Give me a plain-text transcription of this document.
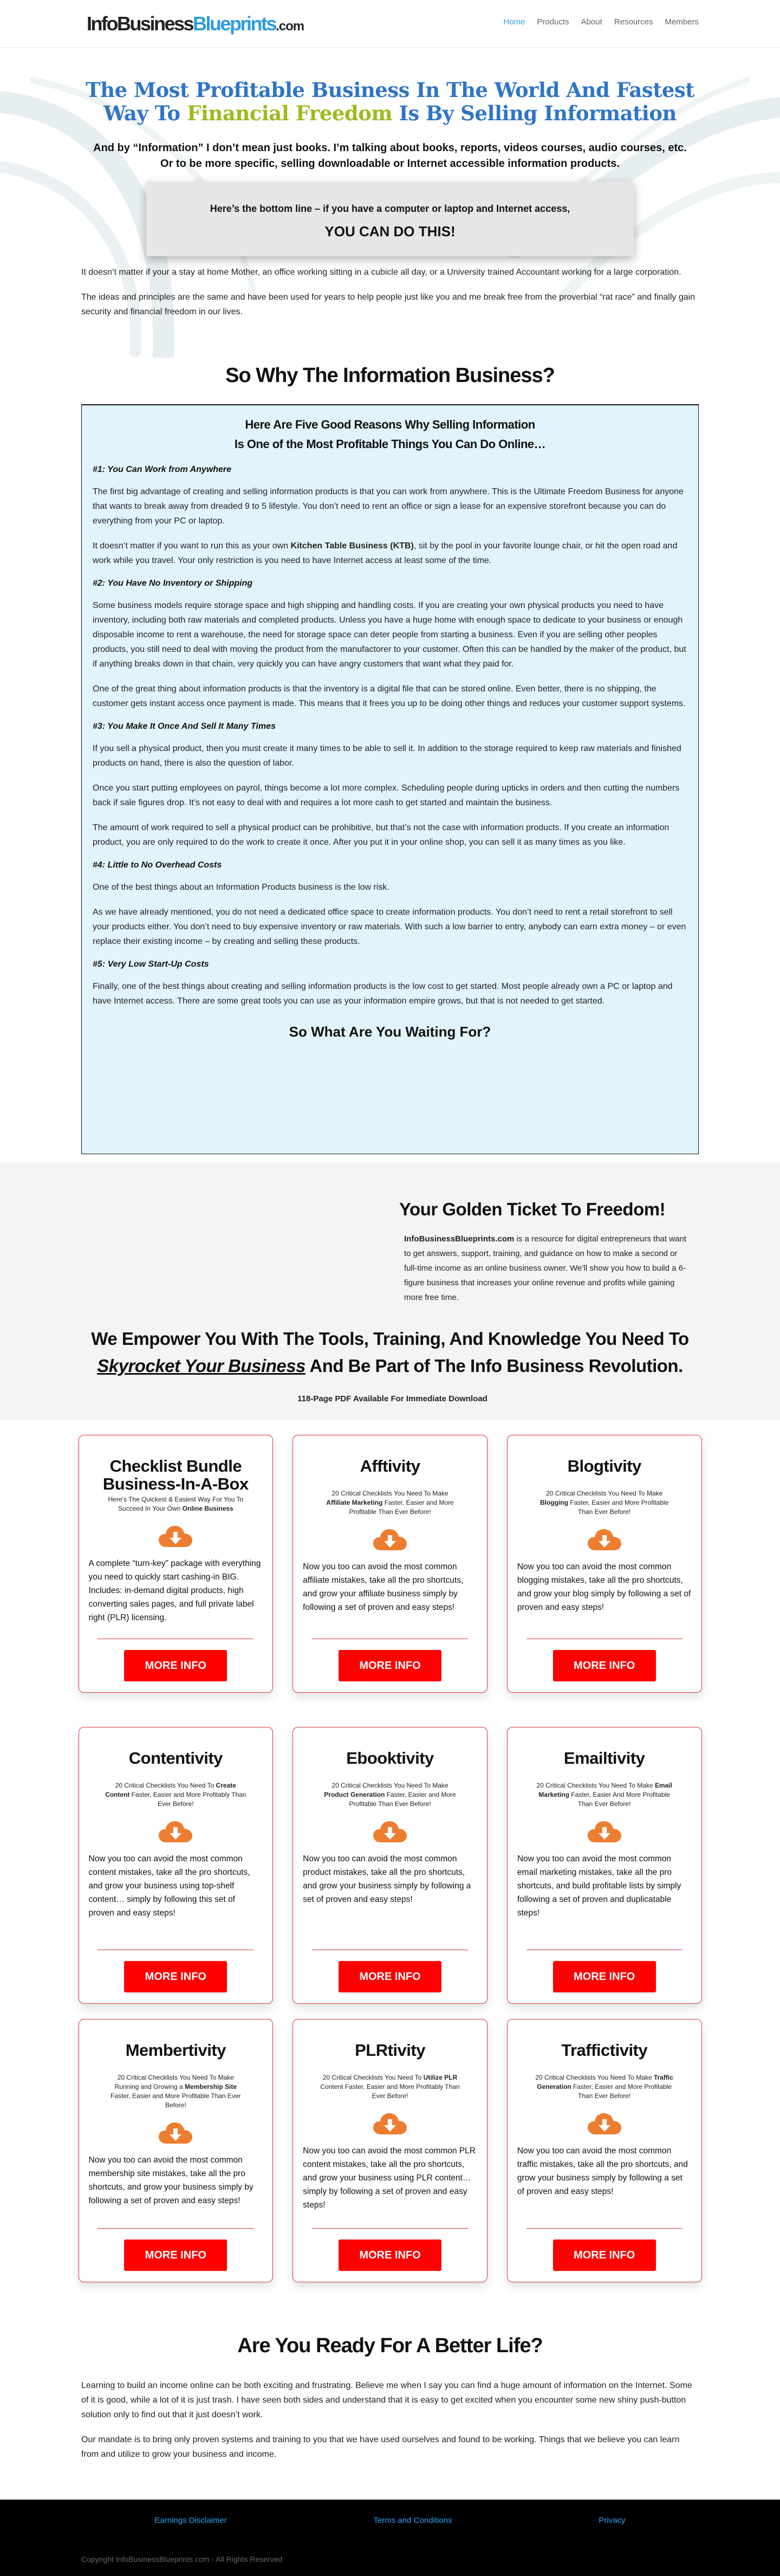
InfoBusinessBlueprints.com	Home Products About Resources Members
The Most Profitable Business In The World And Fastest Way To Financial Freedom Is By Selling Information

And by “Information” I don’t mean just books. I’m talking about books, reports, videos courses, audio courses, etc. Or to be more specific, selling downloadable or Internet accessible information products.

Here’s the bottom line – if you have a computer or laptop and Internet access,

YOU CAN DO THIS!

It doesn’t matter if your a stay at home Mother, an office working sitting in a cubicle all day, or a University trained Accountant working for a large corporation.

The ideas and principles are the same and have been used for years to help people just like you and me break free from the proverbial “rat race” and finally gain security and financial freedom in our lives.

So Why The Information Business?
Here Are Five Good Reasons Why Selling Information
Is One of the Most Profitable Things You Can Do Online…
#1: You Can Work from Anywhere

The first big advantage of creating and selling information products is that you can work from anywhere. This is the Ultimate Freedom Business for anyone that wants to break away from dreaded 9 to 5 lifestyle. You don’t need to rent an office or sign a lease for an expensive storefront because you can do everything from your PC or laptop.

It doesn’t matter if you want to run this as your own Kitchen Table Business (KTB), sit by the pool in your favorite lounge chair, or hit the open road and work while you travel. Your only restriction is you need to have Internet access at least some of the time.

#2: You Have No Inventory or Shipping

Some business models require storage space and high shipping and handling costs. If you are creating your own physical products you need to have inventory, including both raw materials and completed products. Unless you have a huge home with enough space to dedicate to your business or enough disposable income to rent a warehouse, the need for storage space can deter people from starting a business. Even if you are selling other peoples products, you still need to deal with moving the product from the manufactorer to your customer. Often this can be handled by the maker of the product, but if anything breaks down in that chain, very quickly you can have angry customers that want what they paid for.

One of the great thing about information products is that the inventory is a digital file that can be stored online. Even better, there is no shipping, the customer gets instant access once payment is made. This means that it frees you up to be doing other things and reduces your customer support systems.

#3: You Make It Once And Sell It Many Times

If you sell a physical product, then you must create it many times to be able to sell it. In addition to the storage required to keep raw materials and finished products on hand, there is also the question of labor.

Once you start putting employees on payrol, things become a lot more complex. Scheduling people during upticks in orders and then cutting the numbers back if sale figures drop. It’s not easy to deal with and requires a lot more cash to get started and maintain the business.

The amount of work required to sell a physical product can be prohibitive, but that’s not the case with information products. If you create an information product, you are only required to do the work to create it once. After you put it in your online shop, you can sell it as many times as you like.

#4: Little to No Overhead Costs

One of the best things about an Information Products business is the low risk.

As we have already mentioned, you do not need a dedicated office space to create information products. You don’t need to rent a retail storefront to sell your products either. You don’t need to buy expensive inventory or raw materials. With such a low barrier to entry, anybody can earn extra money – or even replace their existing income – by creating and selling these products.

#5: Very Low Start-Up Costs

Finally, one of the best things about creating and selling information products is the low cost to get started. Most people already own a PC or laptop and have Internet access. There are some great tools you can use as your information empire grows, but that is not needed to get started.

So What Are You Waiting For?
Your Golden Ticket To Freedom!

InfoBusinessBlueprints.com is a resource for digital entrepreneurs that want to get answers, support, training, and guidance on how to make a second or full-time income as an online business owner. We’ll show you how to build a 6-figure business that increases your online revenue and profits while gaining more free time.

We Empower You With The Tools, Training, And Knowledge You Need To
Skyrocket Your Business And Be Part of The Info Business Revolution.

118-Page PDF Available For Immediate Download

Checklist Bundle Business-In-A-Box

Here’s The Quickest & Easiest Way For You To Succeed In Your Own Online Business

A complete “turn-key” package with everything you need to quickly start cashing-in BIG. Includes: in-demand digital products, high converting sales pages, and full private label right (PLR) licensing.

MORE INFO
Afftivity

20 Critical Checklists You Need To Make Affiliate Marketing Faster, Easier and More Profitable Than Ever Before!

Now you too can avoid the most common affiliate mistakes, take all the pro shortcuts, and grow your affiliate business simply by following a set of proven and easy steps!

MORE INFO
Blogtivity

20 Critical Checklists You Need To Make Blogging Faster, Easier and More Profitable Than Ever Before!

Now you too can avoid the most common blogging mistakes, take all the pro shortcuts, and grow your blog simply by following a set of proven and easy steps!

MORE INFO
Contentivity

20 Critical Checklists You Need To Create Content Faster, Easier and More Profitably Than Ever Before!

Now you too can avoid the most common content mistakes, take all the pro shortcuts, and grow your business using top-shelf content… simply by following this set of proven and easy steps!

MORE INFO
Ebooktivity

20 Critical Checklists You Need To Make Product Generation Faster, Easier and More Profitable Than Ever Before!

Now you too can avoid the most common product mistakes, take all the pro shortcuts, and grow your business simply by following a set of proven and easy steps!

MORE INFO
Emailtivity

20 Critical Checklists You Need To Make Email Marketing Faster, Easier And More Profitable Than Ever Before!

Now you too can avoid the most common email marketing mistakes, take all the pro shortcuts, and build profitable lists by simply following a set of proven and duplicatable steps!

MORE INFO
Membertivity

20 Critical Checklists You Need To Make Running and Growing a Membership Site Faster, Easier and More Profitable Than Ever Before!

Now you too can avoid the most common membership site mistakes, take all the pro shortcuts, and grow your business simply by following a set of proven and easy steps!

MORE INFO
PLRtivity

20 Critical Checklists You Need To Utilize PLR Content Faster, Easier and More Profitably Than Ever Before!

Now you too can avoid the most common PLR content mistakes, take all the pro shortcuts, and grow your business using PLR content… simply by following a set of proven and easy steps!

MORE INFO
Traffictivity

20 Critical Checklists You Need To Make Traffic Generation Faster, Easier and More Profitable Than Ever Before!

Now you too can avoid the most common traffic mistakes, take all the pro shortcuts, and grow your business simply by following a set of proven and easy steps!

MORE INFO
Are You Ready For A Better Life?

Learning to build an income online can be both exciting and frustrating. Believe me when I say you can find a huge amount of information on the Internet. Some of it is good, while a lot of it is just trash. I have seen both sides and understand that it is easy to get excited when you encounter some new shiny push-button solution only to find out that it just doesn’t work.

Our mandate is to bring only proven systems and training to you that we have used ourselves and found to be working. Things that we believe you can learn from and utilize to grow your business and income.

Earnings Disclaimer	Terms and Conditions	Privacy
Copyright InfoBusinessBlueprints.com - All Rights Reserved
